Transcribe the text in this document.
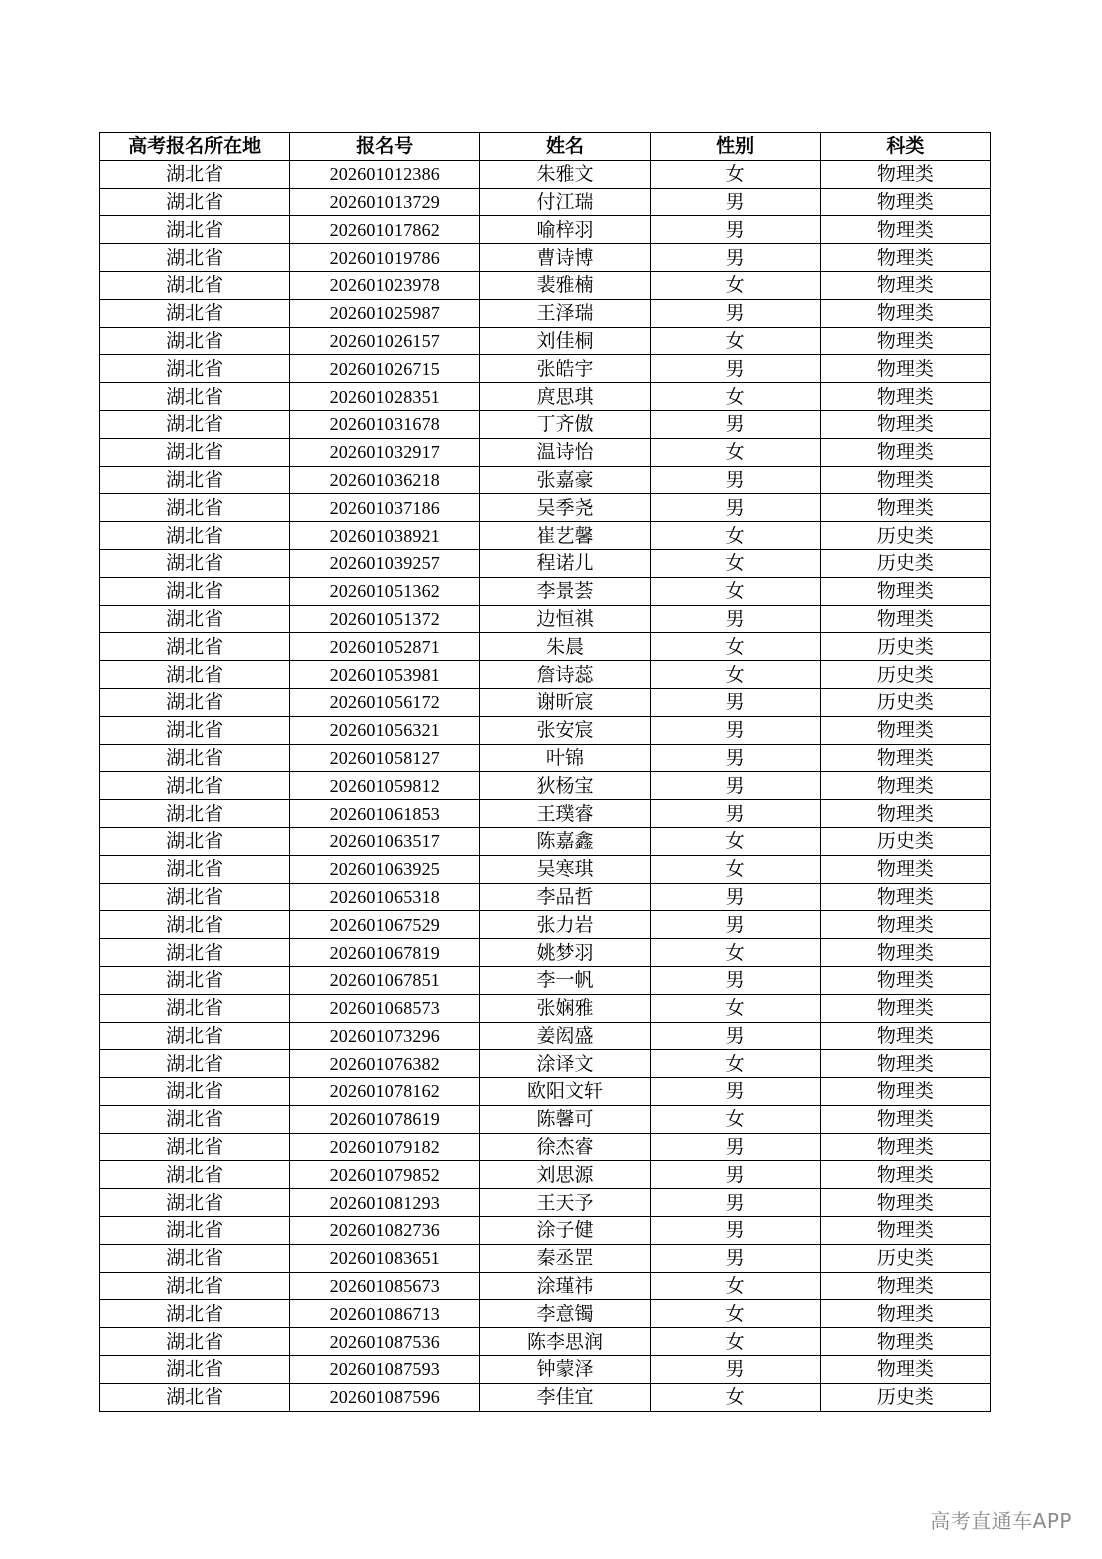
高考报名所在地	报名号	姓名	性别	科类
湖北省	202601012386	朱雅文	女	物理类
湖北省	202601013729	付江瑞	男	物理类
湖北省	202601017862	喻梓羽	男	物理类
湖北省	202601019786	曹诗博	男	物理类
湖北省	202601023978	裴雅楠	女	物理类
湖北省	202601025987	王泽瑞	男	物理类
湖北省	202601026157	刘佳桐	女	物理类
湖北省	202601026715	张皓宇	男	物理类
湖北省	202601028351	庹思琪	女	物理类
湖北省	202601031678	丁齐傲	男	物理类
湖北省	202601032917	温诗怡	女	物理类
湖北省	202601036218	张嘉豪	男	物理类
湖北省	202601037186	吴季尧	男	物理类
湖北省	202601038921	崔艺馨	女	历史类
湖北省	202601039257	程诺儿	女	历史类
湖北省	202601051362	李景荟	女	物理类
湖北省	202601051372	边恒祺	男	物理类
湖北省	202601052871	朱晨	女	历史类
湖北省	202601053981	詹诗蕊	女	历史类
湖北省	202601056172	谢昕宸	男	历史类
湖北省	202601056321	张安宸	男	物理类
湖北省	202601058127	叶锦	男	物理类
湖北省	202601059812	狄杨宝	男	物理类
湖北省	202601061853	王璞睿	男	物理类
湖北省	202601063517	陈嘉鑫	女	历史类
湖北省	202601063925	吴寒琪	女	物理类
湖北省	202601065318	李品哲	男	物理类
湖北省	202601067529	张力岩	男	物理类
湖北省	202601067819	姚梦羽	女	物理类
湖北省	202601067851	李一帆	男	物理类
湖北省	202601068573	张娴雅	女	物理类
湖北省	202601073296	姜闳盛	男	物理类
湖北省	202601076382	涂译文	女	物理类
湖北省	202601078162	欧阳文轩	男	物理类
湖北省	202601078619	陈馨可	女	物理类
湖北省	202601079182	徐杰睿	男	物理类
湖北省	202601079852	刘思源	男	物理类
湖北省	202601081293	王天予	男	物理类
湖北省	202601082736	涂子健	男	物理类
湖北省	202601083651	秦丞罡	男	历史类
湖北省	202601085673	涂瑾祎	女	物理类
湖北省	202601086713	李意镯	女	物理类
湖北省	202601087536	陈李思润	女	物理类
湖北省	202601087593	钟蒙泽	男	物理类
湖北省	202601087596	李佳宜	女	历史类
高考直通车APP
